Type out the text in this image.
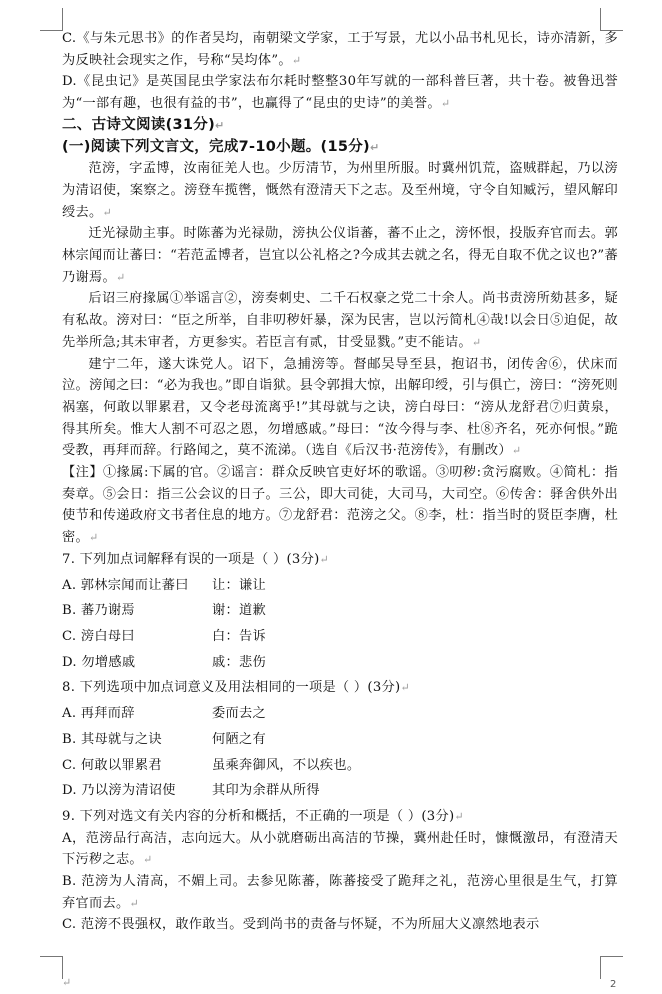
C.《与朱元思书》的作者吴均，南朝梁文学家，工于写景，尤以小品书札见长，诗亦清新，多为反映社会现实之作，号称“吴均体”。↵

D.《昆虫记》是英国昆虫学家法布尔耗时整整30年写就的一部科普巨著，共十卷。被鲁迅誉为“一部有趣，也很有益的书”，也赢得了“昆虫的史诗”的美誉。↵

二、古诗文阅读(31分)↵

(一)阅读下列文言文，完成7-10小题。(15分)↵

范滂，字孟博，汝南征羌人也。少厉清节，为州里所服。时冀州饥荒，盗贼群起，乃以滂为清诏使，案察之。滂登车揽辔，慨然有澄清天下之志。及至州境，守令自知臧污，望风解印绶去。↵

迁光禄勋主事。时陈蕃为光禄勋，滂执公仪诣蕃，蕃不止之，滂怀恨，投版弃官而去。郭林宗闻而让蕃曰：“若范孟博者，岂宜以公礼格之?今成其去就之名，得无自取不优之议也?”蕃乃谢焉。↵

后诏三府掾属①举谣言②，滂奏刺史、二千石权豪之党二十余人。尚书责滂所劾甚多，疑有私故。滂对曰：“臣之所举，自非叨秽奸暴，深为民害，岂以污简札④哉!以会日⑤迫促，故先举所急;其未审者，方更参实。若臣言有贰，甘受显戮。”吏不能诘。↵

建宁二年，遂大诛党人。诏下，急捕滂等。督邮吴导至县，抱诏书，闭传舍⑥，伏床而泣。滂闻之曰：“必为我也。”即自诣狱。县令郭揖大惊，出解印绶，引与俱亡，滂曰：“滂死则祸塞，何敢以罪累君，又令老母流离乎!”其母就与之诀，滂白母曰：“滂从龙舒君⑦归黄泉，得其所矣。惟大人割不可忍之恩，勿增感戚。”母曰：“汝今得与李、杜⑧齐名，死亦何恨。”跪受教，再拜而辞。行路闻之，莫不流涕。（选自《后汉书·范滂传》，有删改）↵

【注】①掾属:下属的官。②谣言：群众反映官吏好坏的歌谣。③叨秽:贪污腐败。④简札：指奏章。⑤会日：指三公会议的日子。三公，即大司徒，大司马，大司空。⑥传舍：驿舍供外出使节和传递政府文书者住息的地方。⑦龙舒君：范滂之父。⑧李，杜：指当时的贤臣李膺，杜密。↵

7. 下列加点词解释有误的一项是（ ）(3分)↵

A. 郭林宗闻而让蕃曰	让：谦让

B. 蕃乃谢焉	谢：道歉

C. 滂白母曰	白：告诉

D. 勿增感戚	戚：悲伤

8. 下列选项中加点词意义及用法相同的一项是（ ）(3分)↵

A. 再拜而辞	委而去之

B. 其母就与之诀	何陋之有

C. 何敢以罪累君	虽乘奔御风，不以疾也。

D. 乃以滂为清诏使	其印为余群从所得

9. 下列对选文有关内容的分析和概括，不正确的一项是（ ）(3分)↵

A，范滂品行高洁，志向远大。从小就磨砺出高洁的节操，冀州赴任时，慷慨激昂，有澄清天下污秽之志。↵

B. 范滂为人清高，不媚上司。去参见陈蕃，陈蕃接受了跪拜之礼，范滂心里很是生气，打算弃官而去。↵

C. 范滂不畏强权，敢作敢当。受到尚书的责备与怀疑，不为所屈大义凛然地表示

↵	2
